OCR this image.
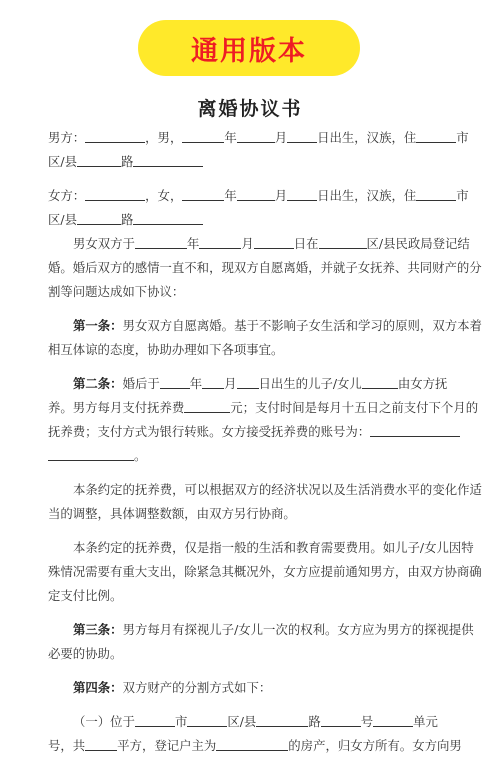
通用版本
离婚协议书
男方：	，男，	年	月 日出生，汉族，住	市
区/县	路
女方：	，女，	年	月 日出生，汉族，住	市
区/县	路
男女双方于	年	月	日在	区/县民政局登记结
婚。婚后双方的感情一直不和，现双方自愿离婚，并就子女抚养、共同财产的分
割等问题达成如下协议：
第一条：男女双方自愿离婚。基于不影响子女生活和学习的原则，双方本着
相互体谅的态度，协助办理如下各项事宜。
第二条：婚后于 年 月 日出生的儿子/女儿	由女方抚
养。男方每月支付抚养费	元；支付时间是每月十五日之前支付下个月的
抚养费；支付方式为银行转账。女方接受抚养费的账号为：
。
本条约定的抚养费，可以根据双方的经济状况以及生活消费水平的变化作适
当的调整，具体调整数额，由双方另行协商。
本条约定的抚养费，仅是指一般的生活和教育需要费用。如儿子/女儿因特
殊情况需要有重大支出，除紧急其概况外，女方应提前通知男方，由双方协商确
定支付比例。
第三条：男方每月有探视儿子/女儿一次的权利。女方应为男方的探视提供
必要的协助。
第四条：双方财产的分割方式如下：
（一）位于	市	区/县	路	号	单元
号，共	平方，登记户主为	的房产，归女方所有。女方向男
